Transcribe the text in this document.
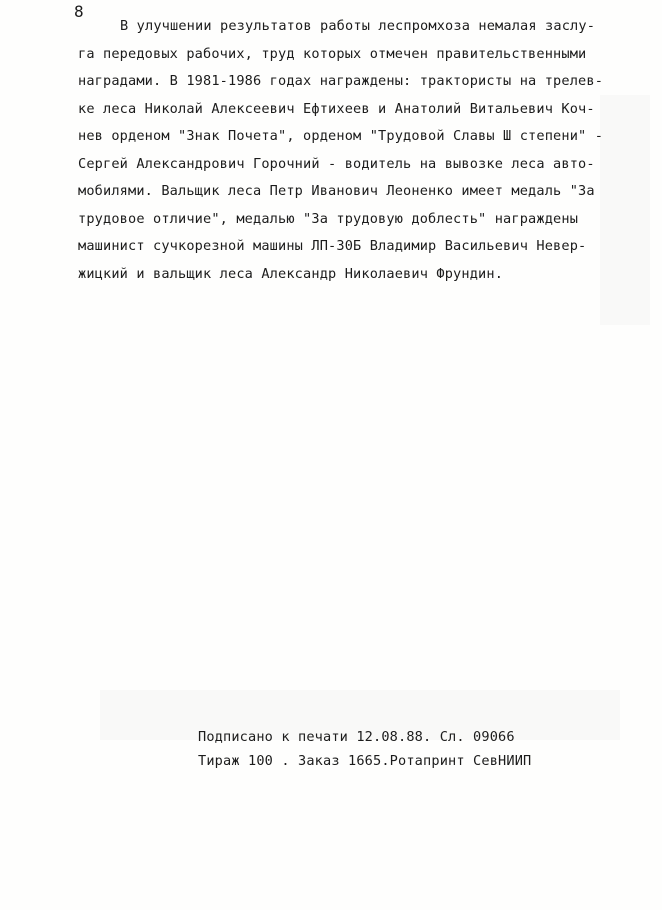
8
В улучшении результатов работы леспромхоза немалая заслу-
га передовых рабочих, труд которых отмечен правительственными
наградами. В 1981-1986 годах награждены: трактористы на трелев-
ке леса Николай Алексеевич Ефтихеев и Анатолий Витальевич Коч-
нев орденом "Знак Почета", орденом "Трудовой Славы Ш степени" -
Сергей Александрович Горочний - водитель на вывозке леса авто-
мобилями. Вальщик леса Петр Иванович Леоненко имеет медаль "За
трудовое отличие", медалью "За трудовую доблесть" награждены
машинист сучкорезной машины ЛП-30Б Владимир Васильевич Невер-
жицкий и вальщик леса Александр Николаевич Фрундин.
Подписано к печати 12.08.88. Сл. 09066
Тираж 100 . Заказ 1665.Ротапринт СевНИИП
